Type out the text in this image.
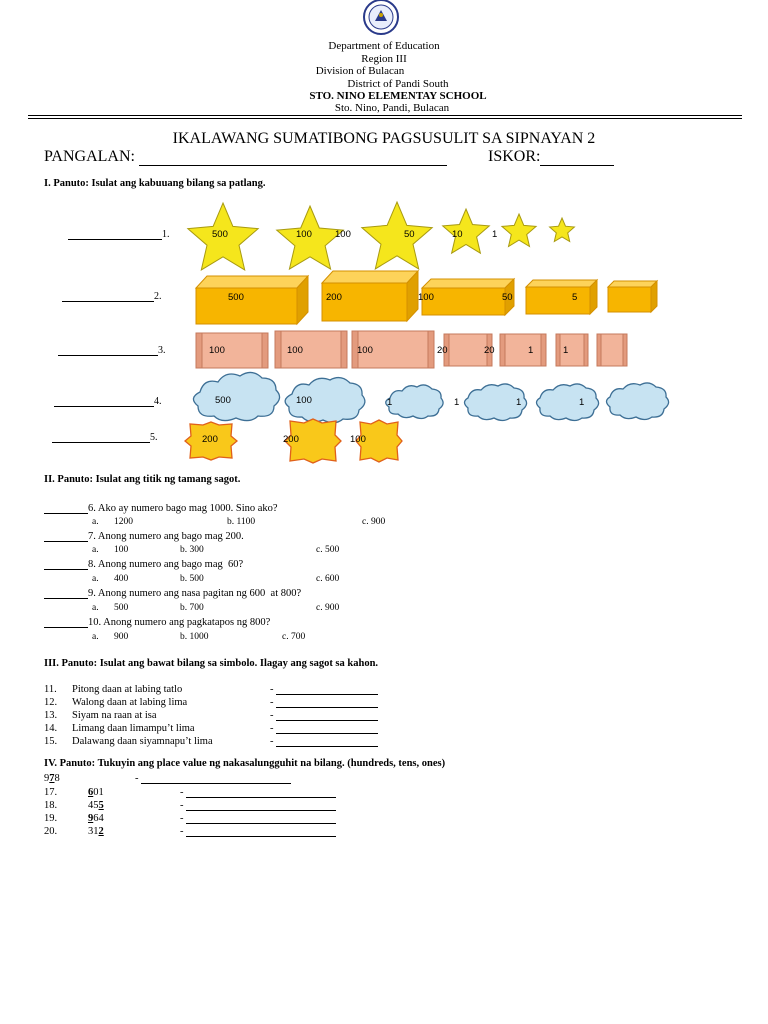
Department of Education
Region III
Division of Bulacan
District of Pandi South
STO. NINO ELEMENTAY SCHOOL
Sto. Nino, Pandi, Bulacan
IKALAWANG SUMATIBONG PAGSUSULIT SA SIPNAYAN 2
PANGALAN:	ISKOR:
I. Panuto: Isulat ang kabuuang bilang sa patlang.
1.
2.
3.
4.
5.
500	100 100	50	10	1
500	200	100	50	5
100	100	100	20	20	1	1
500	100	1	1	1	1
200	200	100
II. Panuto: Isulat ang titik ng tamang sagot.
6. Ako ay numero bago mag 1000. Sino ako?
a. 1200	b. 1100	c. 900
7. Anong numero ang bago mag 200.
a. 100	b. 300	c. 500
8. Anong numero ang bago mag  60?
a. 400	b. 500	c. 600
9. Anong numero ang nasa pagitan ng 600  at 800?
a. 500	b. 700	c. 900
10. Anong numero ang pagkatapos ng 800?
a. 900	b. 1000	c. 700
III. Panuto: Isulat ang bawat bilang sa simbolo. Ilagay ang sagot sa kahon.
11. Pitong daan at labing tatlo	-
12. Walong daan at labing lima	-
13. Siyam na raan at isa	-
14. Limang daan limampu’t lima	-
15. Dalawang daan siyamnapu’t lima	-
IV. Panuto: Tukuyin ang place value ng nakasalungguhit na bilang. (hundreds, tens, ones)
978	-
17.	601	-
18.	455	-
19.	964	-
20.	312	-
